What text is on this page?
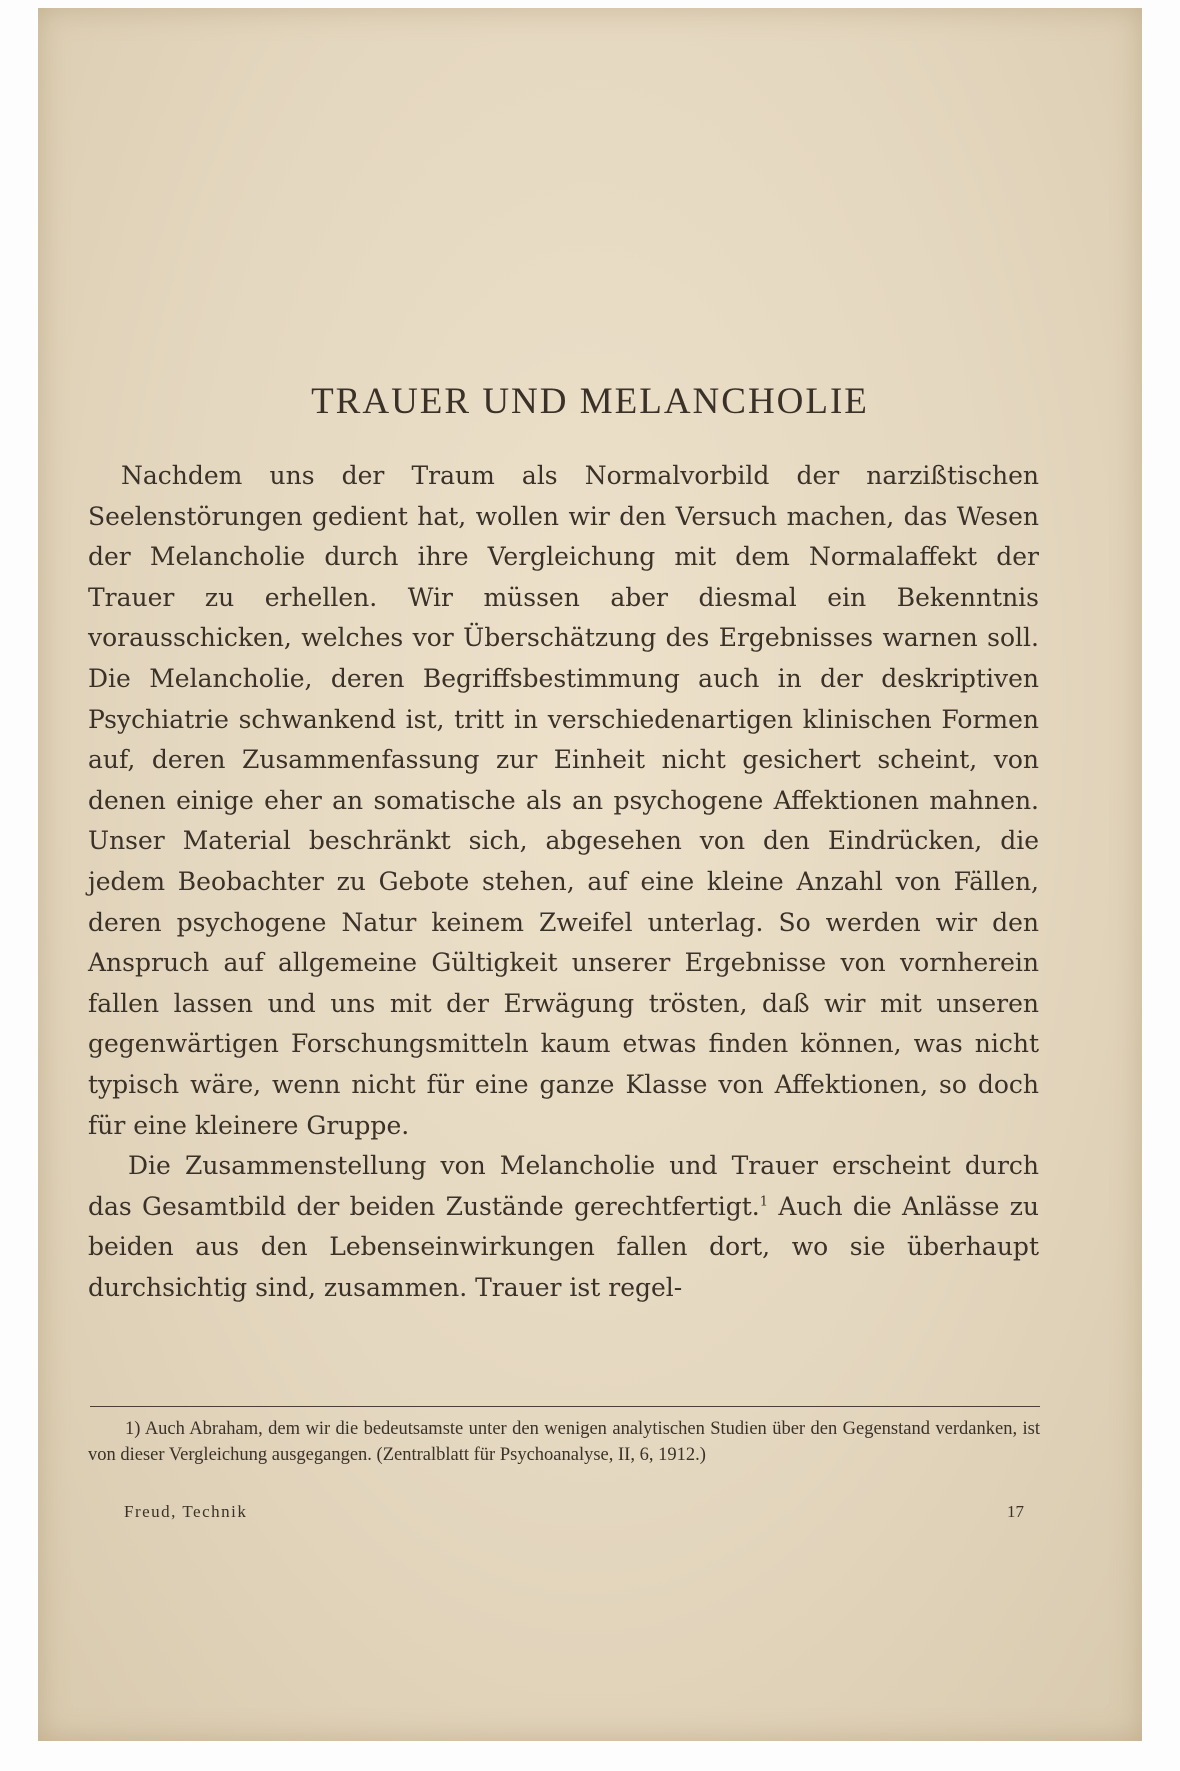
TRAUER UND MELANCHOLIE

Nachdem uns der Traum als Normalvorbild der narzißtischen Seelenstörungen gedient hat, wollen wir den Versuch machen, das Wesen der Melancholie durch ihre Vergleichung mit dem Normalaffekt der Trauer zu erhellen. Wir müssen aber diesmal ein Bekenntnis vorausschicken, welches vor Überschätzung des Ergebnisses warnen soll. Die Melancholie, deren Begriffsbestimmung auch in der deskriptiven Psychiatrie schwankend ist, tritt in verschiedenartigen klinischen Formen auf, deren Zusammenfassung zur Einheit nicht gesichert scheint, von denen einige eher an somatische als an psychogene Affektionen mahnen. Unser Material beschränkt sich, abgesehen von den Eindrücken, die jedem Beobachter zu Gebote stehen, auf eine kleine Anzahl von Fällen, deren psychogene Natur keinem Zweifel unterlag. So werden wir den Anspruch auf allgemeine Gültigkeit unserer Ergebnisse von vornherein fallen lassen und uns mit der Erwägung trösten, daß wir mit unseren gegenwärtigen Forschungsmitteln kaum etwas finden können, was nicht typisch wäre, wenn nicht für eine ganze Klasse von Affektionen, so doch für eine kleinere Gruppe.

Die Zusammenstellung von Melancholie und Trauer erscheint durch das Gesamtbild der beiden Zustände gerechtfertigt.$^1$ Auch die Anlässe zu beiden aus den Lebenseinwirkungen fallen dort, wo sie überhaupt durchsichtig sind, zusammen. Trauer ist regel-

1) Auch Abraham, dem wir die bedeutsamste unter den wenigen analytischen Studien über den Gegenstand verdanken, ist von dieser Vergleichung ausgegangen. (Zentralblatt für Psychoanalyse, II, 6, 1912.)
Freud, Technik	17
